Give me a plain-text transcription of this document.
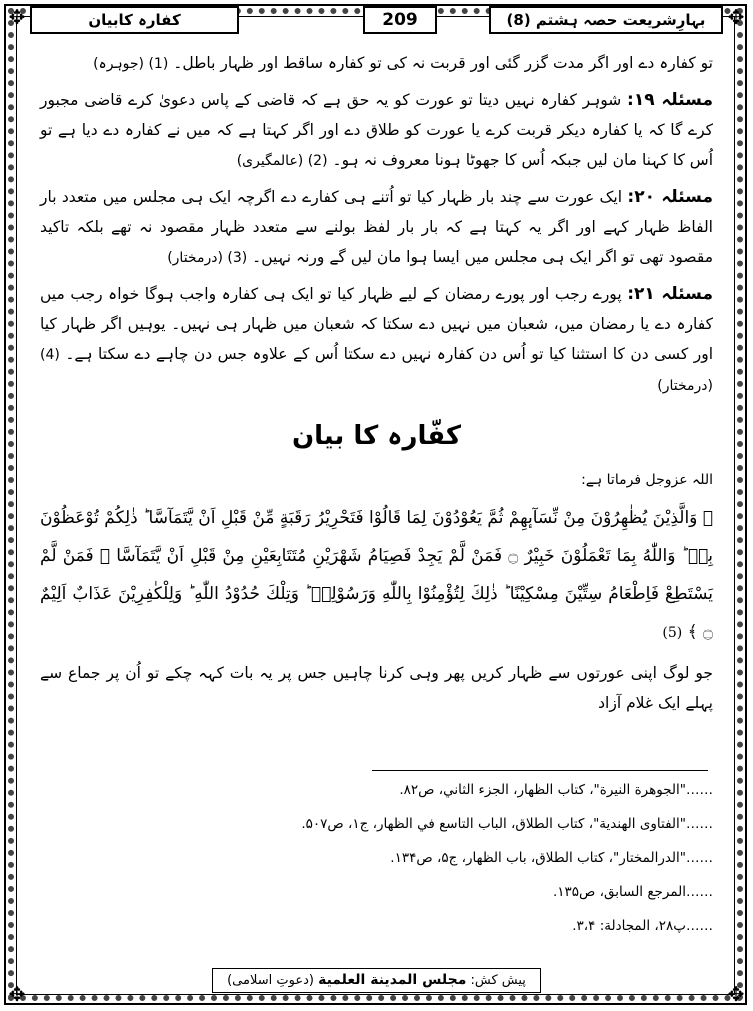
✥	✥
✥	✥
بہارِشریعت حصہ ہشتم (8)
209
کفارہ کابیان

تو کفارہ دے اور اگر مدت گزر گئی اور قربت نہ کی تو کفارہ ساقط اور ظہار باطل۔ (1) (جوہرہ)

مسئلہ ۱۹: شوہر کفارہ نہیں دیتا تو عورت کو یہ حق ہے کہ قاضی کے پاس دعویٰ کرے قاضی مجبور کرے گا کہ یا کفارہ دیکر قربت کرے یا عورت کو طلاق دے اور اگر کہتا ہے کہ میں نے کفارہ دے دیا ہے تو اُس کا کہنا مان لیں جبکہ اُس کا جھوٹا ہونا معروف نہ ہو۔ (2) (عالمگیری)

مسئلہ ۲۰: ایک عورت سے چند بار ظہار کیا تو اُتنے ہی کفارے دے اگرچہ ایک ہی مجلس میں متعدد بار الفاظ ظہار کہے اور اگر یہ کہتا ہے کہ بار بار لفظ بولنے سے متعدد ظہار مقصود نہ تھے بلکہ تاکید مقصود تھی تو اگر ایک ہی مجلس میں ایسا ہوا مان لیں گے ورنہ نہیں۔ (3) (درمختار)

مسئلہ ۲۱: پورے رجب اور پورے رمضان کے لیے ظہار کیا تو ایک ہی کفارہ واجب ہوگا خواہ رجب میں کفارہ دے یا رمضان میں، شعبان میں نہیں دے سکتا کہ شعبان میں ظہار ہی نہیں۔ یوہیں اگر ظہار کیا اور کسی دن کا استثنا کیا تو اُس دن کفارہ نہیں دے سکتا اُس کے علاوہ جس دن چاہے دے سکتا ہے۔ (4) (درمختار)

کفّارہ کا بیان

اللہ عزوجل فرماتا ہے:

﴿ وَالَّذِیْنَ یُظٰهِرُوْنَ مِنْ نِّسَآىٕهِمْ ثُمَّ یَعُوْدُوْنَ لِمَا قَالُوْا فَتَحْرِیْرُ رَقَبَةٍ مِّنْ قَبْلِ اَنْ یَّتَمَآسَّا ؕ ذٰلِكُمْ تُوْعَظُوْنَ بِهٖ ؕ وَاللّٰهُ بِمَا تَعْمَلُوْنَ خَبِیْرٌ ۝ فَمَنْ لَّمْ یَجِدْ فَصِیَامُ شَهْرَیْنِ مُتَتَابِعَیْنِ مِنْ قَبْلِ اَنْ یَّتَمَآسَّا ۚ فَمَنْ لَّمْ یَسْتَطِعْ فَاِطْعَامُ سِتِّیْنَ مِسْكِیْنًا ؕ ذٰلِكَ لِتُؤْمِنُوْا بِاللّٰهِ وَرَسُوْلِهٖ ؕ وَتِلْكَ حُدُوْدُ اللّٰهِ ؕ وَلِلْكٰفِرِیْنَ عَذَابٌ اَلِیْمٌ ۝ ﴾ (5)

جو لوگ اپنی عورتوں سے ظہار کریں پھر وہی کرنا چاہیں جس پر یہ بات کہہ چکے تو اُن پر جماع سے پہلے ایک غلام آزاد

……"الجوهرة النيرة"، كتاب الظهار، الجزء الثاني، ص۸۲.

……"الفتاوى الهندية"، كتاب الطلاق، الباب التاسع في الظهار، ج۱، ص۵۰۷.

……"الدرالمختار"، كتاب الطلاق، باب الظهار، ج۵، ص۱۳۴.

……المرجع السابق، ص۱۳۵.

……پ۲۸، المجادلة: ۳،۴.

پیش کش: مجلس المدينة العلمية (دعوتِ اسلامی)
